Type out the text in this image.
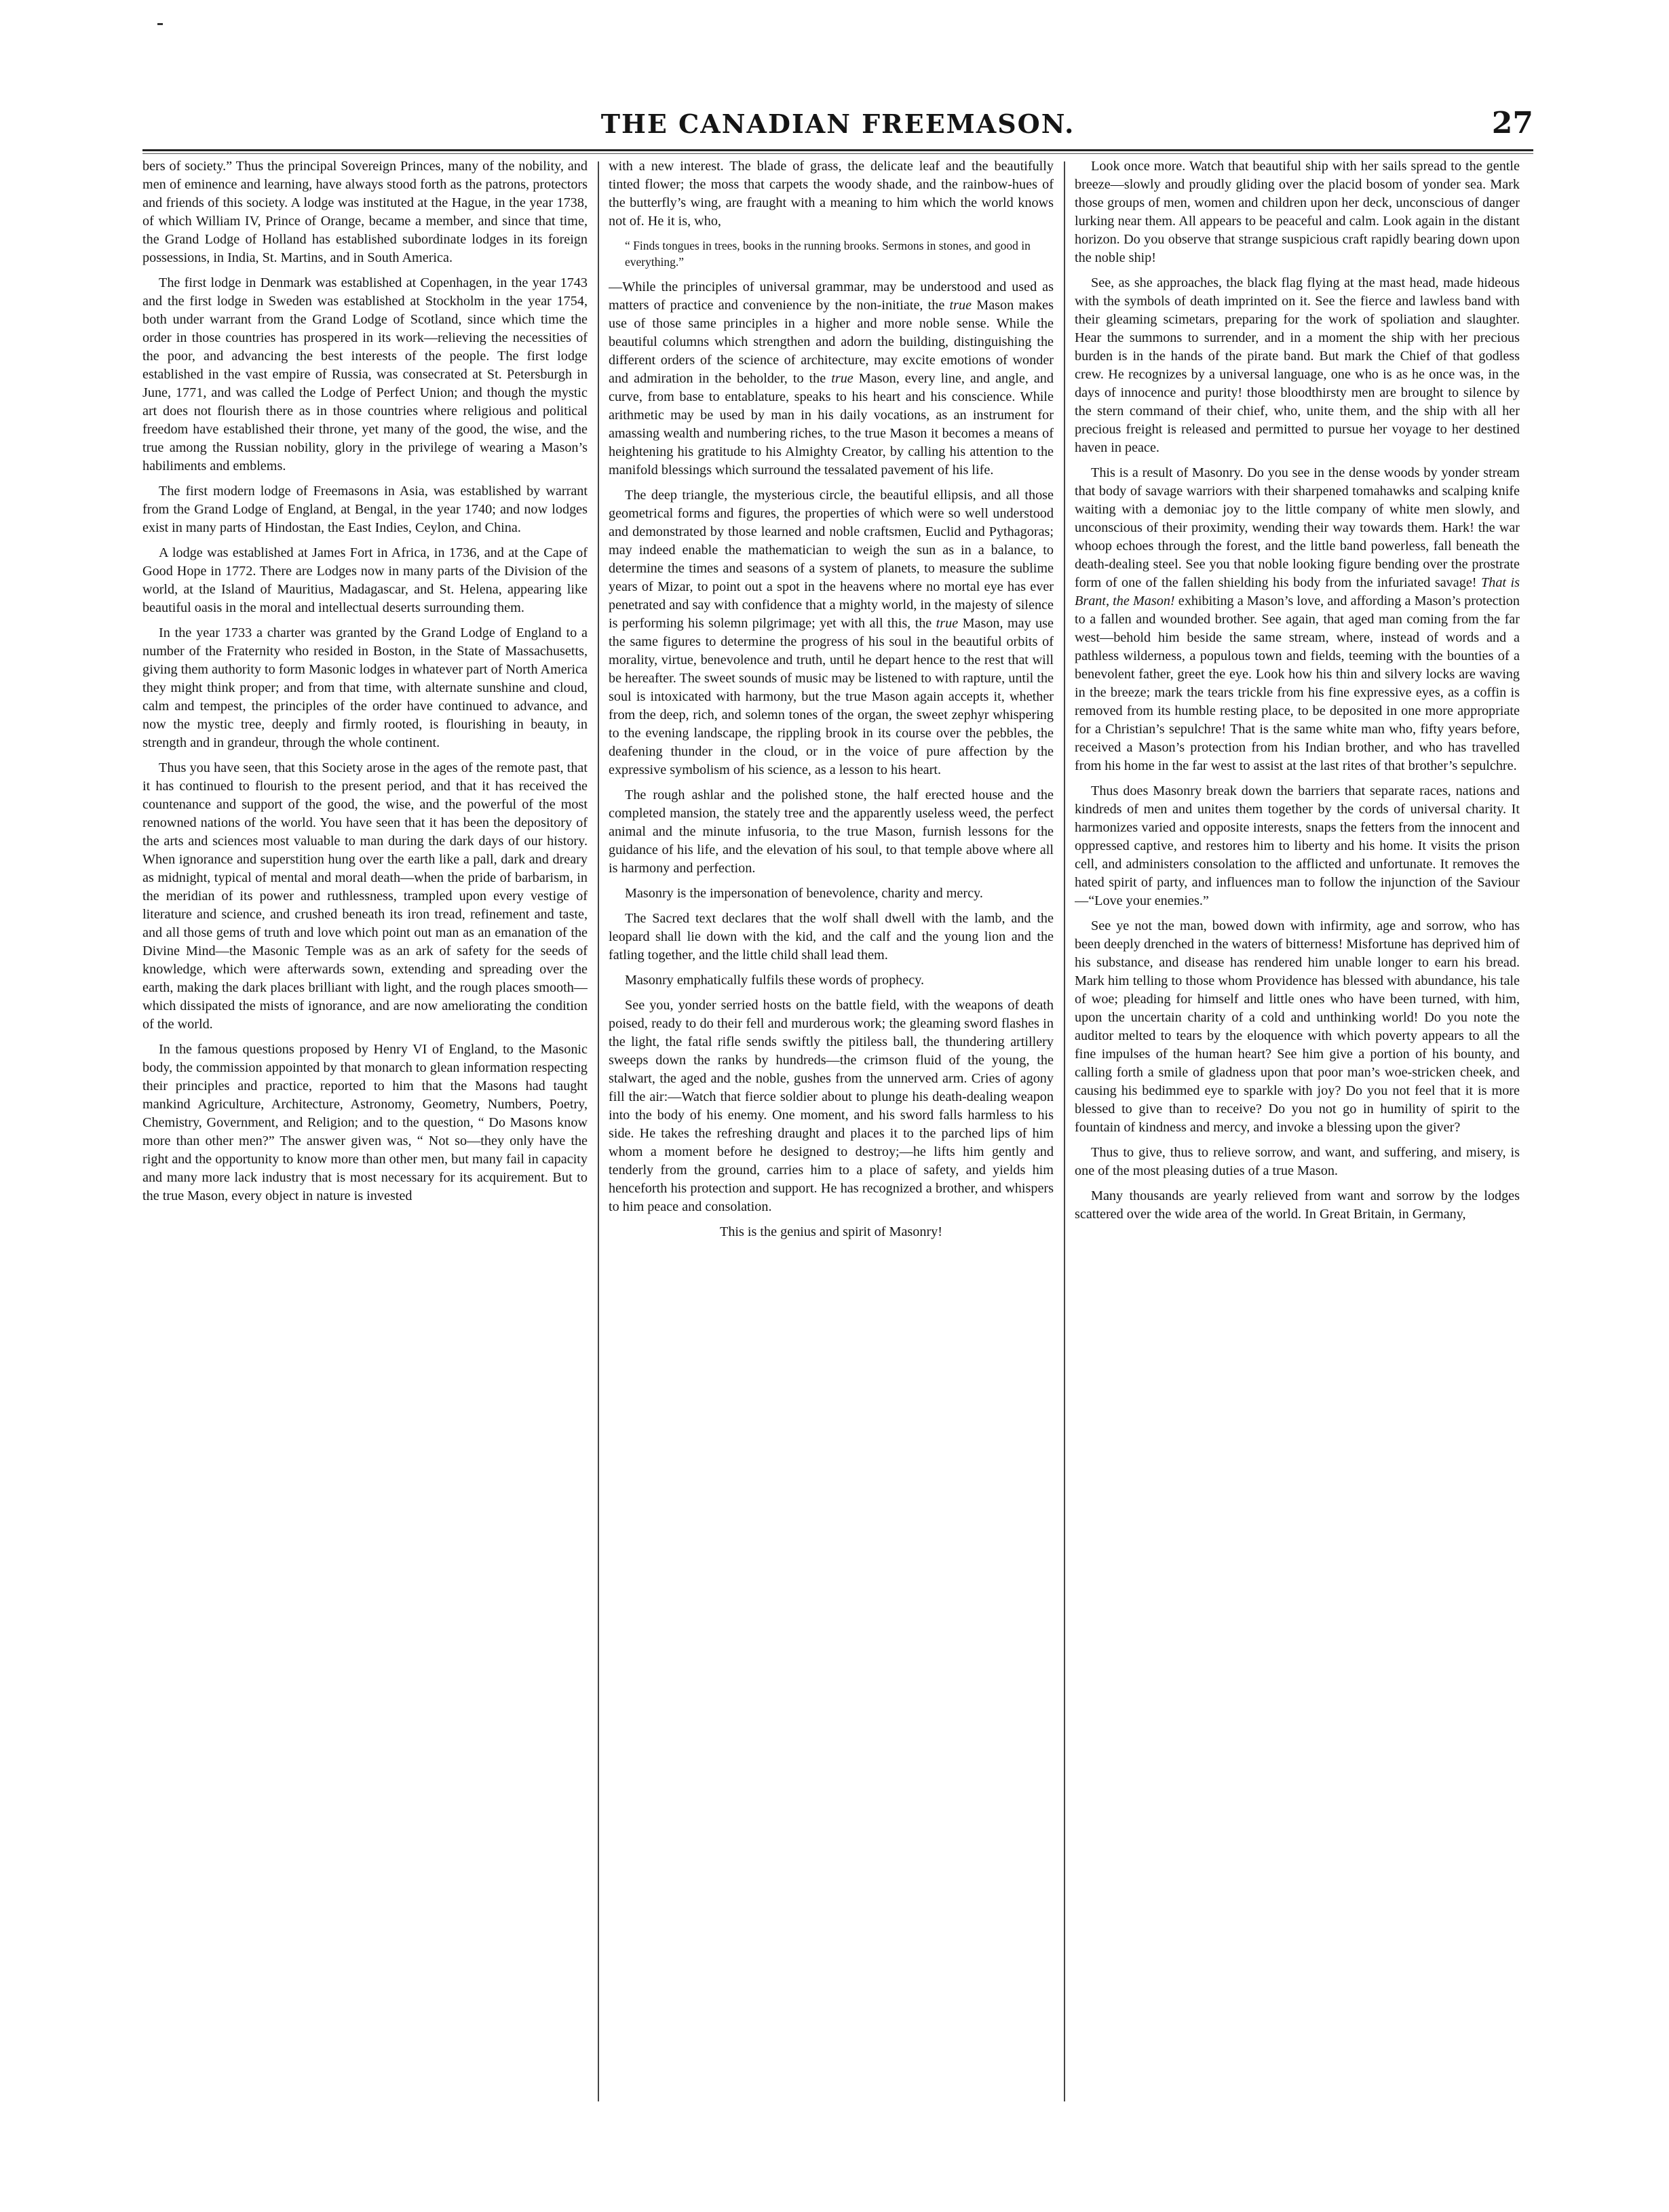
THE CANADIAN FREEMASON.	27

bers of society.” Thus the principal Sovereign Princes, many of the nobility, and men of eminence and learning, have always stood forth as the patrons, protectors and friends of this society. A lodge was instituted at the Hague, in the year 1738, of which William IV, Prince of Orange, became a member, and since that time, the Grand Lodge of Holland has established subordinate lodges in its foreign possessions, in India, St. Martins, and in South America.

The first lodge in Denmark was established at Copenhagen, in the year 1743 and the first lodge in Sweden was established at Stockholm in the year 1754, both under warrant from the Grand Lodge of Scotland, since which time the order in those countries has prospered in its work—relieving the necessities of the poor, and advancing the best interests of the people. The first lodge established in the vast empire of Russia, was consecrated at St. Petersburgh in June, 1771, and was called the Lodge of Perfect Union; and though the mystic art does not flourish there as in those countries where religious and political freedom have established their throne, yet many of the good, the wise, and the true among the Russian nobility, glory in the privilege of wearing a Mason’s habiliments and emblems.

The first modern lodge of Freemasons in Asia, was established by warrant from the Grand Lodge of England, at Bengal, in the year 1740; and now lodges exist in many parts of Hindostan, the East Indies, Ceylon, and China.

A lodge was established at James Fort in Africa, in 1736, and at the Cape of Good Hope in 1772. There are Lodges now in many parts of the Division of the world, at the Island of Mauritius, Madagascar, and St. Helena, appearing like beautiful oasis in the moral and intellectual deserts surrounding them.

In the year 1733 a charter was granted by the Grand Lodge of England to a number of the Fraternity who resided in Boston, in the State of Massachusetts, giving them authority to form Masonic lodges in whatever part of North America they might think proper; and from that time, with alternate sunshine and cloud, calm and tempest, the principles of the order have continued to advance, and now the mystic tree, deeply and firmly rooted, is flourishing in beauty, in strength and in grandeur, through the whole continent.

Thus you have seen, that this Society arose in the ages of the remote past, that it has continued to flourish to the present period, and that it has received the countenance and support of the good, the wise, and the powerful of the most renowned nations of the world. You have seen that it has been the depository of the arts and sciences most valuable to man during the dark days of our history. When ignorance and superstition hung over the earth like a pall, dark and dreary as midnight, typical of mental and moral death—when the pride of barbarism, in the meridian of its power and ruthlessness, trampled upon every vestige of literature and science, and crushed beneath its iron tread, refinement and taste, and all those gems of truth and love which point out man as an emanation of the Divine Mind—the Masonic Temple was as an ark of safety for the seeds of knowledge, which were afterwards sown, extending and spreading over the earth, making the dark places brilliant with light, and the rough places smooth—which dissipated the mists of ignorance, and are now ameliorating the condition of the world.

In the famous questions proposed by Henry VI of England, to the Masonic body, the commission appointed by that monarch to glean information respecting their principles and practice, reported to him that the Masons had taught mankind Agriculture, Architecture, Astronomy, Geometry, Numbers, Poetry, Chemistry, Government, and Religion; and to the question, “ Do Masons know more than other men?” The answer given was, “ Not so—they only have the right and the opportunity to know more than other men, but many fail in capacity and many more lack industry that is most necessary for its acquirement. But to the true Mason, every object in nature is invested

with a new interest. The blade of grass, the delicate leaf and the beautifully tinted flower; the moss that carpets the woody shade, and the rainbow-hues of the butterfly’s wing, are fraught with a meaning to him which the world knows not of. He it is, who,

“ Finds tongues in trees, books in the running brooks. Sermons in stones, and good in everything.”

—While the principles of universal grammar, may be understood and used as matters of practice and convenience by the non-initiate, the true Mason makes use of those same principles in a higher and more noble sense. While the beautiful columns which strengthen and adorn the building, distinguishing the different orders of the science of architecture, may excite emotions of wonder and admiration in the beholder, to the true Mason, every line, and angle, and curve, from base to entablature, speaks to his heart and his conscience. While arithmetic may be used by man in his daily vocations, as an instrument for amassing wealth and numbering riches, to the true Mason it becomes a means of heightening his gratitude to his Almighty Creator, by calling his attention to the manifold blessings which surround the tessalated pavement of his life.

The deep triangle, the mysterious circle, the beautiful ellipsis, and all those geometrical forms and figures, the properties of which were so well understood and demonstrated by those learned and noble craftsmen, Euclid and Pythagoras; may indeed enable the mathematician to weigh the sun as in a balance, to determine the times and seasons of a system of planets, to measure the sublime years of Mizar, to point out a spot in the heavens where no mortal eye has ever penetrated and say with confidence that a mighty world, in the majesty of silence is performing his solemn pilgrimage; yet with all this, the true Mason, may use the same figures to determine the progress of his soul in the beautiful orbits of morality, virtue, benevolence and truth, until he depart hence to the rest that will be hereafter. The sweet sounds of music may be listened to with rapture, until the soul is intoxicated with harmony, but the true Mason again accepts it, whether from the deep, rich, and solemn tones of the organ, the sweet zephyr whispering to the evening landscape, the rippling brook in its course over the pebbles, the deafening thunder in the cloud, or in the voice of pure affection by the expressive symbolism of his science, as a lesson to his heart.

The rough ashlar and the polished stone, the half erected house and the completed mansion, the stately tree and the apparently useless weed, the perfect animal and the minute infusoria, to the true Mason, furnish lessons for the guidance of his life, and the elevation of his soul, to that temple above where all is harmony and perfection.

Masonry is the impersonation of benevolence, charity and mercy.

The Sacred text declares that the wolf shall dwell with the lamb, and the leopard shall lie down with the kid, and the calf and the young lion and the fatling together, and the little child shall lead them.

Masonry emphatically fulfils these words of prophecy.

See you, yonder serried hosts on the battle field, with the weapons of death poised, ready to do their fell and murderous work; the gleaming sword flashes in the light, the fatal rifle sends swiftly the pitiless ball, the thundering artillery sweeps down the ranks by hundreds—the crimson fluid of the young, the stalwart, the aged and the noble, gushes from the unnerved arm. Cries of agony fill the air:—Watch that fierce soldier about to plunge his death-dealing weapon into the body of his enemy. One moment, and his sword falls harmless to his side. He takes the refreshing draught and places it to the parched lips of him whom a moment before he designed to destroy;—he lifts him gently and tenderly from the ground, carries him to a place of safety, and yields him henceforth his protection and support. He has recognized a brother, and whispers to him peace and consolation.

This is the genius and spirit of Masonry!

Look once more. Watch that beautiful ship with her sails spread to the gentle breeze—slowly and proudly gliding over the placid bosom of yonder sea. Mark those groups of men, women and children upon her deck, unconscious of danger lurking near them. All appears to be peaceful and calm. Look again in the distant horizon. Do you observe that strange suspicious craft rapidly bearing down upon the noble ship!

See, as she approaches, the black flag flying at the mast head, made hideous with the symbols of death imprinted on it. See the fierce and lawless band with their gleaming scimetars, preparing for the work of spoliation and slaughter. Hear the summons to surrender, and in a moment the ship with her precious burden is in the hands of the pirate band. But mark the Chief of that godless crew. He recognizes by a universal language, one who is as he once was, in the days of innocence and purity! those bloodthirsty men are brought to silence by the stern command of their chief, who, unite them, and the ship with all her precious freight is released and permitted to pursue her voyage to her destined haven in peace.

This is a result of Masonry. Do you see in the dense woods by yonder stream that body of savage warriors with their sharpened tomahawks and scalping knife waiting with a demoniac joy to the little company of white men slowly, and unconscious of their proximity, wending their way towards them. Hark! the war whoop echoes through the forest, and the little band powerless, fall beneath the death-dealing steel. See you that noble looking figure bending over the prostrate form of one of the fallen shielding his body from the infuriated savage! That is Brant, the Mason! exhibiting a Mason’s love, and affording a Mason’s protection to a fallen and wounded brother. See again, that aged man coming from the far west—behold him beside the same stream, where, instead of words and a pathless wilderness, a populous town and fields, teeming with the bounties of a benevolent father, greet the eye. Look how his thin and silvery locks are waving in the breeze; mark the tears trickle from his fine expressive eyes, as a coffin is removed from its humble resting place, to be deposited in one more appropriate for a Christian’s sepulchre! That is the same white man who, fifty years before, received a Mason’s protection from his Indian brother, and who has travelled from his home in the far west to assist at the last rites of that brother’s sepulchre.

Thus does Masonry break down the barriers that separate races, nations and kindreds of men and unites them together by the cords of universal charity. It harmonizes varied and opposite interests, snaps the fetters from the innocent and oppressed captive, and restores him to liberty and his home. It visits the prison cell, and administers consolation to the afflicted and unfortunate. It removes the hated spirit of party, and influences man to follow the injunction of the Saviour—“Love your enemies.”

See ye not the man, bowed down with infirmity, age and sorrow, who has been deeply drenched in the waters of bitterness! Misfortune has deprived him of his substance, and disease has rendered him unable longer to earn his bread. Mark him telling to those whom Providence has blessed with abundance, his tale of woe; pleading for himself and little ones who have been turned, with him, upon the uncertain charity of a cold and unthinking world! Do you note the auditor melted to tears by the eloquence with which poverty appears to all the fine impulses of the human heart? See him give a portion of his bounty, and calling forth a smile of gladness upon that poor man’s woe-stricken cheek, and causing his bedimmed eye to sparkle with joy? Do you not feel that it is more blessed to give than to receive? Do you not go in humility of spirit to the fountain of kindness and mercy, and invoke a blessing upon the giver?

Thus to give, thus to relieve sorrow, and want, and suffering, and misery, is one of the most pleasing duties of a true Mason.

Many thousands are yearly relieved from want and sorrow by the lodges scattered over the wide area of the world. In Great Britain, in Germany,
